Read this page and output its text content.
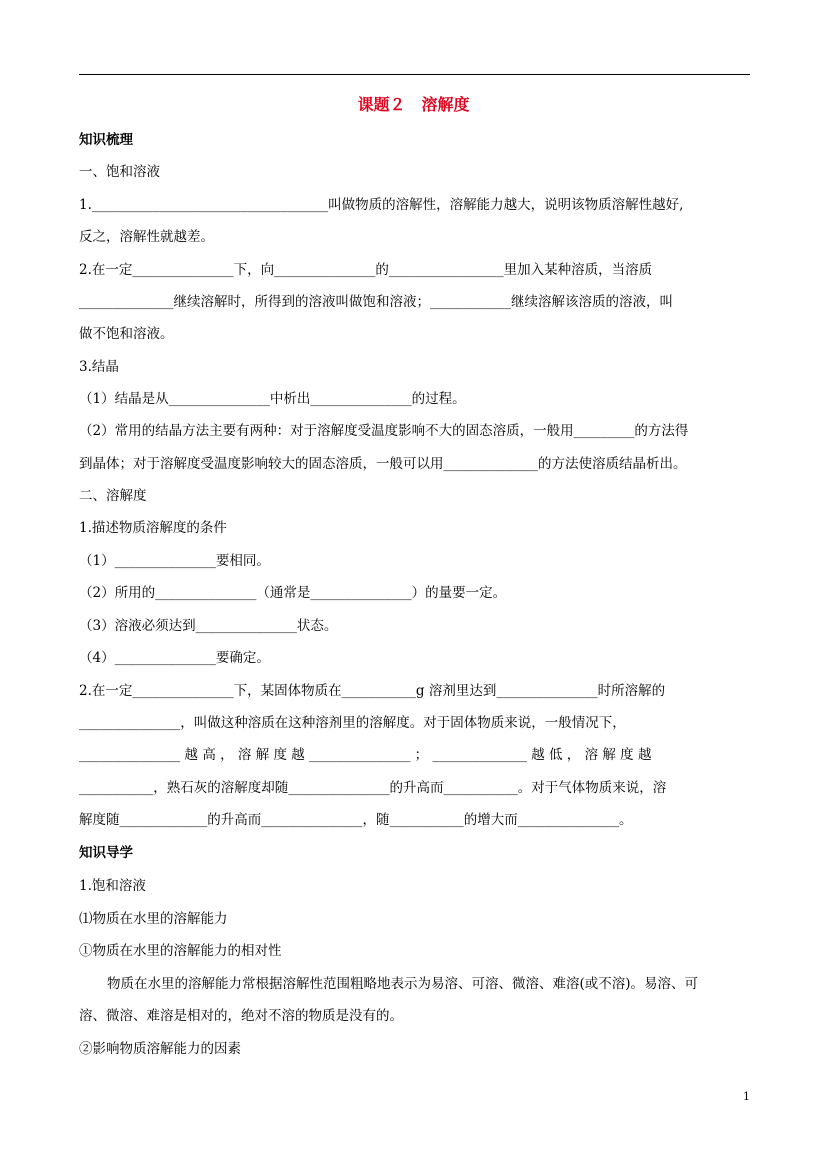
课题２　溶解度
知识梳理
一、饱和溶液
1.___________________________________叫做物质的溶解性，溶解能力越大，说明该物质溶解性越好,
反之，溶解性就越差。
2.在一定_______________下，向_______________的_________________里加入某种溶质，当溶质
______________继续溶解时，所得到的溶液叫做饱和溶液；____________继续溶解该溶质的溶液，叫
做不饱和溶液。
3.结晶
（1）结晶是从_______________中析出_______________的过程。
（2）常用的结晶方法主要有两种：对于溶解度受温度影响不大的固态溶质，一般用_________的方法得
到晶体；对于溶解度受温度影响较大的固态溶质，一般可以用______________的方法使溶质结晶析出。
二、溶解度
1.描述物质溶解度的条件
（1）_______________要相同。
（2）所用的_______________（通常是_______________）的量要一定。
（3）溶液必须达到_______________状态。
（4）_______________要确定。
2.在一定_______________下，某固体物质在___________g 溶剂里达到_______________时所溶解的
_______________，叫做这种溶质在这种溶剂里的溶解度。对于固体物质来说，一般情况下，
_______________ 越 高 ， 溶 解 度 越 _______________ ； ______________ 越 低 ， 溶 解 度 越
___________，熟石灰的溶解度却随_______________的升高而___________。对于气体物质来说，溶
解度随_____________的升高而_______________，随___________的增大而_______________。
知识导学
1.饱和溶液
⑴物质在水里的溶解能力
①物质在水里的溶解能力的相对性
物质在水里的溶解能力常根据溶解性范围粗略地表示为易溶、可溶、微溶、难溶(或不溶)。易溶、可
溶、微溶、难溶是相对的，绝对不溶的物质是没有的。
②影响物质溶解能力的因素
1
